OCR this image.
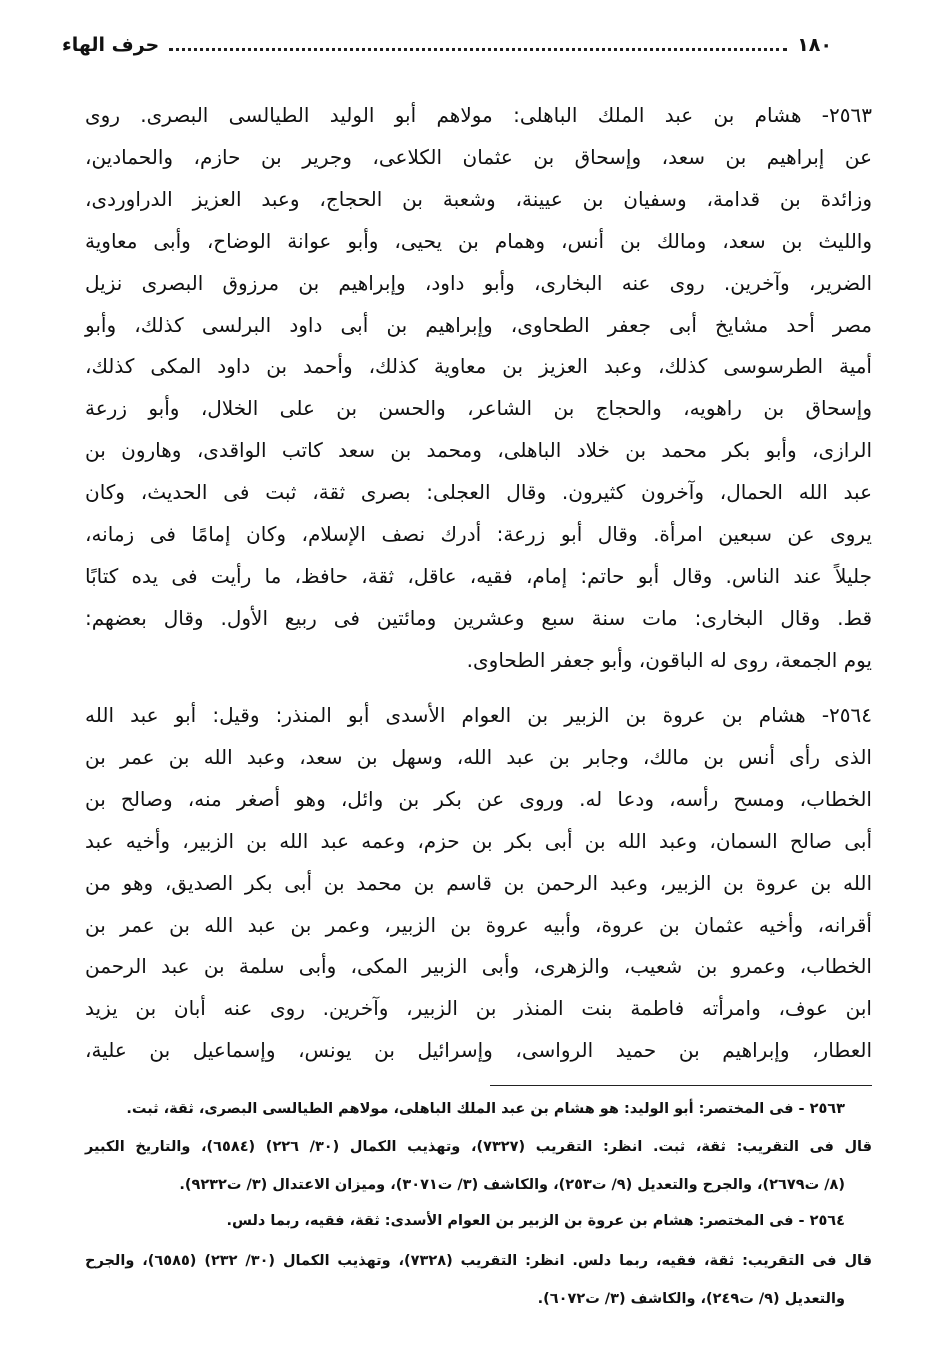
١٨٠
حرف الهاء
٢٥٦٣- هشام بن عبد الملك الباهلى: مولاهم أبو الوليد الطيالسى البصرى. روى
عن إبراهيم بن سعد، وإسحاق بن عثمان الكلاعى، وجرير بن حازم، والحمادين،
وزائدة بن قدامة، وسفيان بن عيينة، وشعبة بن الحجاج، وعبد العزيز الدراوردى،
والليث بن سعد، ومالك بن أنس، وهمام بن يحيى، وأبو عوانة الوضاح، وأبى معاوية
الضرير، وآخرين. روى عنه البخارى، وأبو داود، وإبراهيم بن مرزوق البصرى نزيل
مصر أحد مشايخ أبى جعفر الطحاوى، وإبراهيم بن أبى داود البرلسى كذلك، وأبو
أمية الطرسوسى كذلك، وعبد العزيز بن معاوية كذلك، وأحمد بن داود المكى كذلك،
وإسحاق بن راهويه، والحجاج بن الشاعر، والحسن بن على الخلال، وأبو زرعة
الرازى، وأبو بكر محمد بن خلاد الباهلى، ومحمد بن سعد كاتب الواقدى، وهارون بن
عبد الله الحمال، وآخرون كثيرون. وقال العجلى: بصرى ثقة، ثبت فى الحديث، وكان
يروى عن سبعين امرأة. وقال أبو زرعة: أدرك نصف الإسلام، وكان إمامًا فى زمانه،
جليلاً عند الناس. وقال أبو حاتم: إمام، فقيه، عاقل، ثقة، حافظ، ما رأيت فى يده كتابًا
قط. وقال البخارى: مات سنة سبع وعشرين ومائتين فى ربيع الأول. وقال بعضهم:
يوم الجمعة، روى له الباقون، وأبو جعفر الطحاوى.
٢٥٦٤- هشام بن عروة بن الزبير بن العوام الأسدى أبو المنذر: وقيل: أبو عبد الله
الذى رأى أنس بن مالك، وجابر بن عبد الله، وسهل بن سعد، وعبد الله بن عمر بن
الخطاب، ومسح رأسه، ودعا له. وروى عن بكر بن وائل، وهو أصغر منه، وصالح بن
أبى صالح السمان، وعبد الله بن أبى بكر بن حزم، وعمه عبد الله بن الزبير، وأخيه عبد
الله بن عروة بن الزبير، وعبد الرحمن بن قاسم بن محمد بن أبى بكر الصديق، وهو من
أقرانه، وأخيه عثمان بن عروة، وأبيه عروة بن الزبير، وعمر بن عبد الله بن عمر بن
الخطاب، وعمرو بن شعيب، والزهرى، وأبى الزبير المكى، وأبى سلمة بن عبد الرحمن
ابن عوف، وامرأته فاطمة بنت المنذر بن الزبير، وآخرين. روى عنه أبان بن يزيد
العطار، وإبراهيم بن حميد الرواسى، وإسرائيل بن يونس، وإسماعيل بن علية،
٢٥٦٣ - فى المختصر: أبو الوليد: هو هشام بن عبد الملك الباهلى، مولاهم الطيالسى البصرى، ثقة، ثبت.
قال فى التقريب: ثقة، ثبت. انظر: التقريب (٧٣٢٧)، وتهذيب الكمال (٣٠/ ٢٢٦) (٦٥٨٤)، والتاريخ الكبير
(٨/ ت٢٦٧٩)، والجرح والتعديل (٩/ ت٢٥٣)، والكاشف (٣/ ت٣٠٧١)، وميزان الاعتدال (٣/ ت٩٢٣٢).
٢٥٦٤ - فى المختصر: هشام بن عروة بن الزبير بن العوام الأسدى: ثقة، فقيه، ربما دلس.
قال فى التقريب: ثقة، فقيه، ربما دلس. انظر: التقريب (٧٣٢٨)، وتهذيب الكمال (٣٠/ ٢٣٢) (٦٥٨٥)، والجرح
والتعديل (٩/ ت٢٤٩)، والكاشف (٣/ ت٦٠٧٢).
